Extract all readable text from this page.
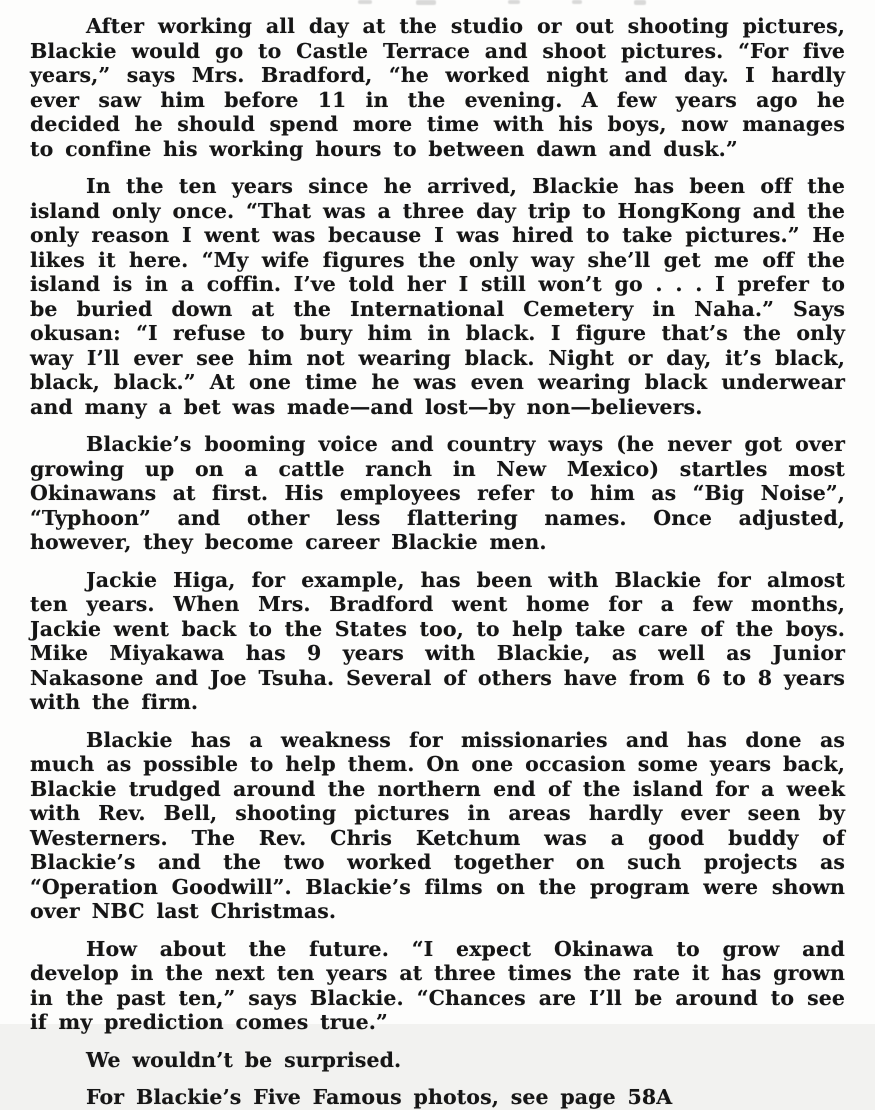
After working all day at the studio or out shooting pictures, Blackie would go to Castle Terrace and shoot pictures. “For five years,” says Mrs. Bradford, “he worked night and day. I hardly ever saw him before 11 in the evening. A few years ago he decided he should spend more time with his boys, now manages to confine his working hours to between dawn and dusk.”

In the ten years since he arrived, Blackie has been off the island only once. “That was a three day trip to HongKong and the only reason I went was because I was hired to take pictures.” He likes it here. “My wife figures the only way she’ll get me off the island is in a coffin. I’ve told her I still won’t go . . . I prefer to be buried down at the International Cemetery in Naha.” Says okusan: “I refuse to bury him in black. I figure that’s the only way I’ll ever see him not wearing black. Night or day, it’s black, black, black.” At one time he was even wearing black underwear and many a bet was made—and lost—by non—believers.

Blackie’s booming voice and country ways (he never got over growing up on a cattle ranch in New Mexico) startles most Okinawans at first. His employees refer to him as “Big Noise”, “Typhoon” and other less flattering names. Once adjusted, however, they become career Blackie men.

Jackie Higa, for example, has been with Blackie for almost ten years. When Mrs. Bradford went home for a few months, Jackie went back to the States too, to help take care of the boys. Mike Miyakawa has 9 years with Blackie, as well as Junior Nakasone and Joe Tsuha. Several of others have from 6 to 8 years with the firm.

Blackie has a weakness for missionaries and has done as much as possible to help them. On one occasion some years back, Blackie trudged around the northern end of the island for a week with Rev. Bell, shooting pictures in areas hardly ever seen by Westerners. The Rev. Chris Ketchum was a good buddy of Blackie’s and the two worked together on such projects as “Operation Goodwill”. Blackie’s films on the program were shown over NBC last Christmas.

How about the future. “I expect Okinawa to grow and develop in the next ten years at three times the rate it has grown in the past ten,” says Blackie. “Chances are I’ll be around to see if my prediction comes true.”

We wouldn’t be surprised.

For Blackie’s Five Famous photos, see page 58A
